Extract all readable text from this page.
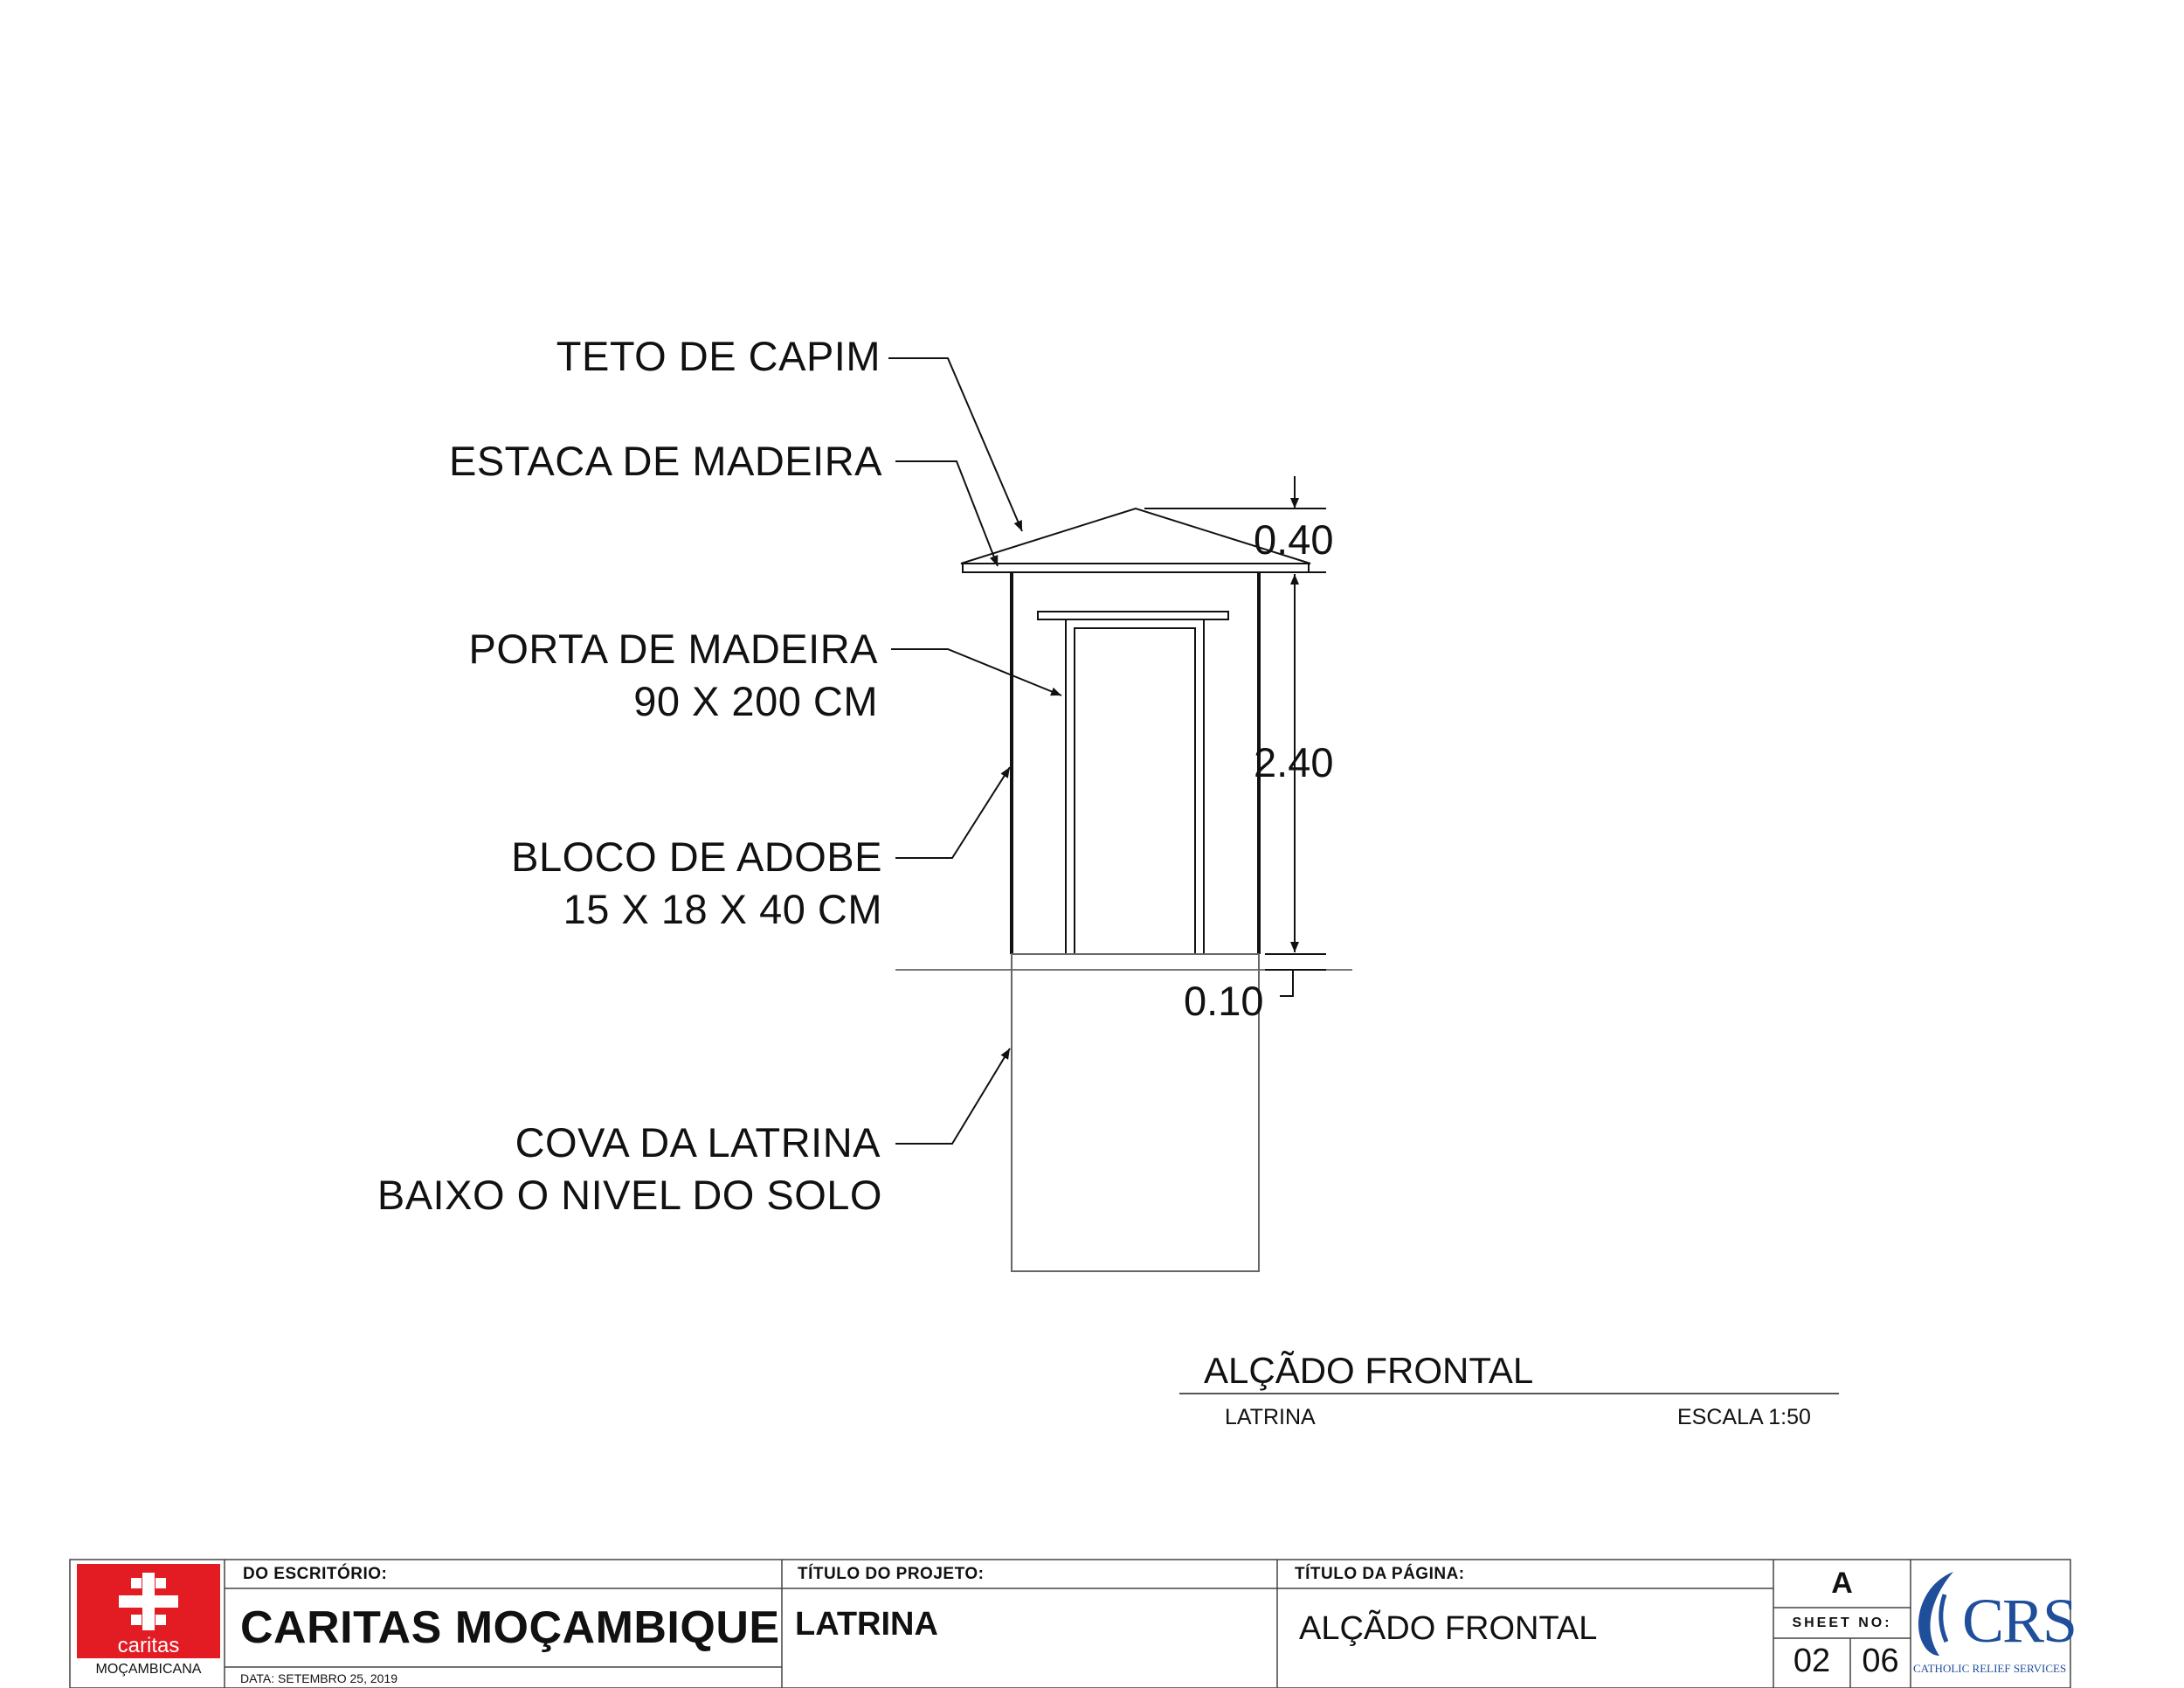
TETO DE CAPIM
ESTACA DE MADEIRA
PORTA DE MADEIRA
90 X 200 CM
BLOCO DE ADOBE
15 X 18 X 40 CM
COVA DA LATRINA
BAIXO O NIVEL DO SOLO
0.40
2.40
0.10
ALÇÃDO FRONTAL
LATRINA	ESCALA 1:50
caritas
MOÇAMBICANA
DO ESCRITÓRIO:
CARITAS MOÇAMBIQUE
DATA: SETEMBRO 25, 2019
TÍTULO DO PROJETO:
LATRINA
TÍTULO DA PÁGINA:
ALÇÃDO FRONTAL
A
SHEET NO:
02 06
CRS
CATHOLIC RELIEF SERVICES
